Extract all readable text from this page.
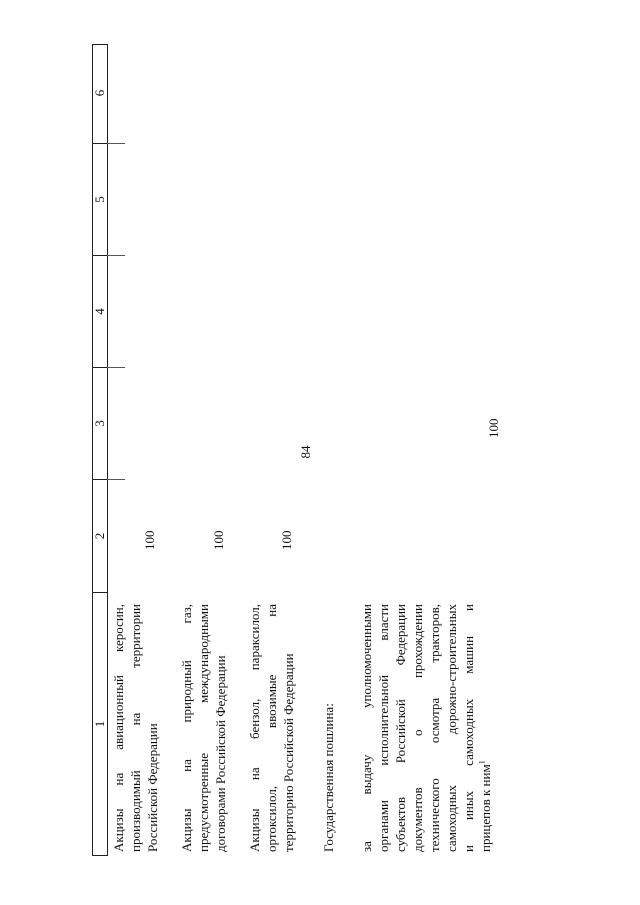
84
1
2
3
4
5
6
Акцизы на авиационный керосин, производимый на территории Российской Федерации
100
Акцизы на природный газ, предусмотренные международными договорами Российской Федерации
100
Акцизы на бензол, параксилол, ортоксилол, ввозимые на территорию Российской Федерации
100
Государственная пошлина: за выдачу уполномоченными органами исполнительной власти субъектов Российской Федерации документов о прохождении технического осмотра тракторов, самоходных дорожно-строительных и иных самоходных машин и прицепов к ним$^1$
100
